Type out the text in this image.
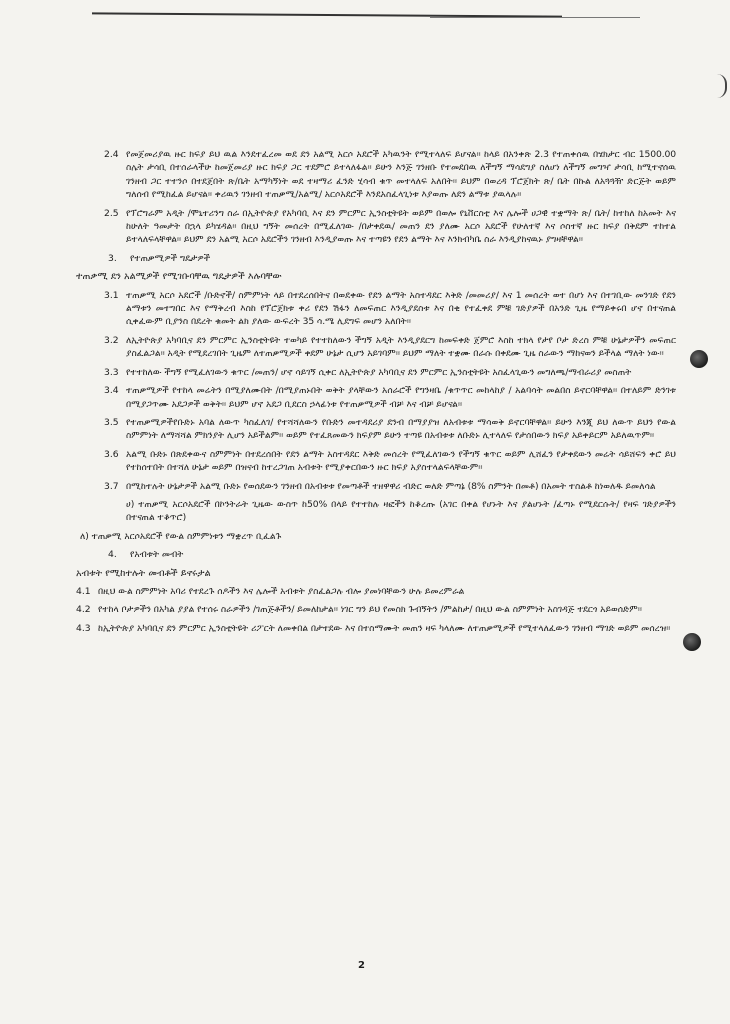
2.4 የመጀመሪያዉ ዙር ክፍያ ይህ ዉል እንደተፈረመ ወደ ደን አልሚ አርሶ አደሮች አካዉንት የሚተላለፍ ይሆናል፡፡ ከላይ በአንቀጽ 2.3 የተጠቀሰዉ በሄክታር ብር 1500.00 ስሌት ታሳቢ በተሰራላችሁ ከመጀመሪያ ዙር ክፍያ ጋር ተደምሮ ይተላለፋል፡፡ ይሁን እንጅ ገንዘቡ የተመደበዉ ለችግኝ ማሳደግያ ስለሆነ ለችግኝ መግዣ ታሳቢ ከሚተኖሰዉ ገንዘብ ጋር ተተንሶ በተደጀበት ጽ/ቤት አማካኝነት ወደ ተዛማሪ ፈንድ ሂሳብ ቁጥ መተላለፍ አለበት፡፡ ይህም በወረዳ ፕሮጀክት ጽ/ ቤት በኩል ለአጓጓዥ ድርጅት ወይም ግለሰብ የሚከፈል ይሆናል፡፡ ቀሪዉን ገንዘብ ተጠቃሚ/አልሚ/ አርሶአደሮች እንደአስፈላጊነቱ እያወጡ ለደን ልማቱ ያዉላሉ፡፡
2.5 የፕሮግራም አዲት /ሞኒተሪንግ ስራ በኢትዮጵያ የአካባቢ እና ደን ምርምር ኢንስቲትዩት ወይም በወሎ የኒቨርስቲ እና ሌሎች ሀጋዊ ተቋማት ጽ/ ቤት/ ከተከለ ከአመት እና ከሁለት ዓመታት በኋላ ይካሄዳል፡፡ በዚህ ግኝት መሰረት በሚፈለገው /በታቀደዉ/ መጠን ደን ያለሙ አርሶ አደሮች የሁለተኛ እና ሶስተኛ ዙር ክፍያ በቅደም ተከተል ይተላለፍላቸዋል፡፡ ይህም ደን አልሚ አርሶ አደሮችን ገንዘብ እንዲያወጡ እና ተጣዩን የደን ልማት እና እንክብካቤ ስራ እንዲያከናዉኑ ያግዛቸዋል፡፡
3.	የተጠቃሚዎች ግዴታዎች
ተጠቃሚ ደን አልሚዎች የሚገቡባቸዉ ግዴታዎች እሉባቸው
3.1 ተጠቃሚ አርሶ አደሮች /ቡድኖች/ ስምምነት ላይ በተደረሰበትና በወደቀው የደን ልማት አስተዳደር እቅድ /መመሪያ/ እና 1 መሰረት ወተ በሆነ እና በተገቢው መንገድ የደን ልማቱን መተግበር እና የማቅረብ እስከ የፕሮጀክቱ ቀሪ የደን ሽፋን ለመፍጠር እንዲያደስቱ እና በቂ የተፈቀደ ምቹ ገድያዎች በአንድ ጊዜ የማይቀሩበ ሆኖ በተናጠል ሲቀፈውም ቢያንስ በደረት ቁመት ልክ ያለው ውፍረት 35 ሳ.ሜ ሊደግፍ መሆን አለበት፡፡
3.2 ለኢትዮጵያ አካባቢና ደን ምርምር ኢንስቲትዩት ተወካይ የተተከለውን ችግኝ አዲት እንዲያደርግ ከመፍቀድ ጀምሮ እስከ ተክላ የታየ ቦታ ድረስ ምቹ ሁኔታዎችን መፍጠር ያስፈልጋል፡፡ አዲት የሚደረገበት ጊዜም ለተጠቃሚዎች ቀደም ሁኔታ ሲሆን አይገባም፡፡ ይህም ማለት ተቋሙ በራሱ በቀደሙ ጊዜ ስራውን ማከናወን ይችላል ማለት ነው፡፡
3.3 የተተከለው ችግኝ የሚፈለገውን ቁጥር /መጠን/ ሆኖ ሳይገኝ ሲቀር ለኢትዮጵያ አካባቢና ደን ምርምር ኢንስቲትዩት አስፈላጊውን መግለጫ/ማብራሪያ መስጠት
3.4 ተጠቃሚዎች የተከላ መሬትን በሚያለሙበት /በሚያጠኑበት ወቅት ያላቸውን አሰራሮች የግንዛቤ /ቁጥጥር መከላከያ / አልባሳት መልበስ ይኖርባቸዋል፡፡ በተለይም ድንገቱ በሚያጋጥሙ አደጋዎች ወቅት፡፡ ይህም ሆኖ አደጋ ቢደርስ ኃላፊነቱ የተጠቃሚዎች ብቻ እና ብቻ ይሆናል፡፡
3.5 የተጠቃሚዎችየቡድኑ አባል ለውጥ ካስፈለገ/ የተሻሻለውን የቡድን መተዳደሪያ ደንብ በማያያዝ ለአብቱቱ ማሳወቅ ይኖርባቸዋል፡፡ ይሁን እንጂ ይህ ለውጥ ይህን የውል ስምምነት ለማሻሻል ምክንያት ሊሆን አይችልም፡፡ ወይም የተፈጸመውን ክፍያም ይሁን ተጣዩ በአብቱቱ ለቡድኑ ሊተላለፍ የታሰበውን ክፍያ አይቀይርም አይለዉጥም፡፡
3.6 አልሚ ቡድኑ በጽደቀውና ስምምነት በተደረሰበት የደን ልማት አስተዳደር እቅድ መሰረት የሚፈለገውን የችግኝ ቁጥር ወይም ሊሸፈን የታቀደውን መሬት ሳይሸፍን ቀሮ ይህ የተከሰተበት በተሻለ ሁኔታ ወይም በዝናብ ከተረጋገጠ አብቱት የሚያቀርበውን ዙር ክፍያ አያስተላልፍላቸውም፡፡
3.7 በሚከተሉት ሁኔታዎች አልሚ ቡድኑ የወሰደውን ገንዘብ በአብቱቱ የመጣቶች ተዘዋዋሪ ብድር ወለድ ምጣኔ (8% ስምንት በመቶ) በአመት ተስልቶ ከነወለዱ ይመለሳል
ሀ) ተጠቃሚ አርሶአደሮች በኮንትራት ጊዜው ውስጥ ከ50% በላይ የተተከሉ ዛፎችን ከቆረጡ (አገር በቀል የሆኑት እና ያልሆኑት /ፈጣኑ የሚደርሱት/ የዛፍ ገድያዎችን በተናጠል ተቆጥሮ)
ለ) ተጠቃሚ አርሶአደሮች የውል ስምምነቱን ማቋረጥ ቢፈልጉ
4.	የአብቱት መብት
አብቱት የሚከተሉት መብቶች ይኖሩታል
4.1 በዚህ ውል ስምምነት አባሪ የተደረጉ ሰዶችን እና ሌሎች አብቱት ያስፈልጋሉ ብሎ ያመነባቸውን ሁሉ ይመረምራል
4.2 የተከላ ቦታዎችን በአካል ያያል የተሰሩ ስራዎችን /ገጠጅቶችን/ ይመለከታል፡፡ ነገር ግን ይህ የመስክ ጉብኝትን /ምልከታ/ በዚህ ውል ስምምነት አስገዳጅ ተደርጎ አይወሰድም፡፡
4.3 ከኢትዮጵያ አካባቢና ደን ምርምር ኢንስቲትዩት ሪፖርት ለመቀበል በታተደው እና በተስማሙት መጠን ዛፍ ካላለሙ ለተጠቃሚዎች የሚተላለፈውን ገንዘብ ማገድ ወይም መሰረዝ፡፡
2
